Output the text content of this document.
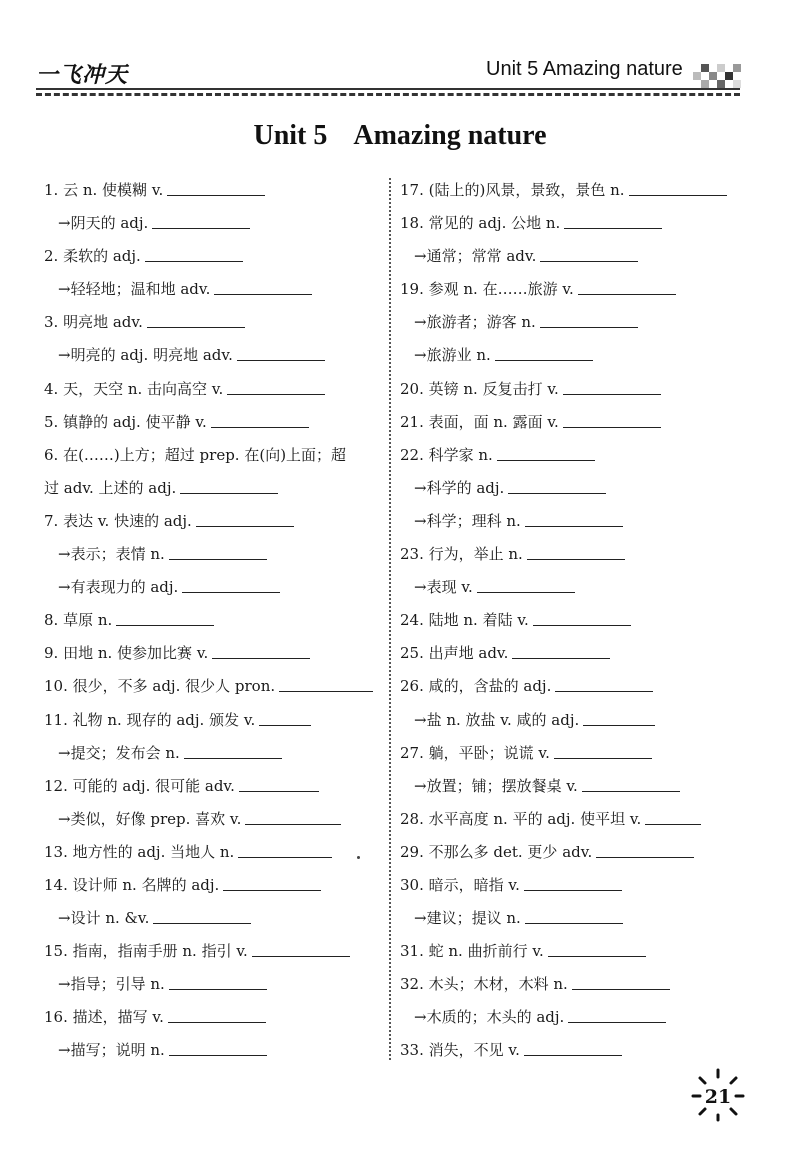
一飞冲天	Unit 5 Amazing nature
Unit 5 Amazing nature
1. 云 n. 使模糊 v.
→阴天的 adj.
2. 柔软的 adj.
→轻轻地；温和地 adv.
3. 明亮地 adv.
→明亮的 adj. 明亮地 adv.
4. 天，天空 n. 击向高空 v.
5. 镇静的 adj. 使平静 v.
6. 在(……)上方；超过 prep. 在(向)上面；超
过 adv. 上述的 adj.
7. 表达 v. 快速的 adj.
→表示；表情 n.
→有表现力的 adj.
8. 草原 n.
9. 田地 n. 使参加比赛 v.
10. 很少，不多 adj. 很少人 pron.
11. 礼物 n. 现存的 adj. 颁发 v.
→提交；发布会 n.
12. 可能的 adj. 很可能 adv.
→类似，好像 prep. 喜欢 v.
13. 地方性的 adj. 当地人 n.
14. 设计师 n. 名牌的 adj.
→设计 n. &v.
15. 指南，指南手册 n. 指引 v.
→指导；引导 n.
16. 描述，描写 v.
→描写；说明 n.
17. (陆上的)风景，景致，景色 n.
18. 常见的 adj. 公地 n.
→通常；常常 adv.
19. 参观 n. 在……旅游 v.
→旅游者；游客 n.
→旅游业 n.
20. 英镑 n. 反复击打 v.
21. 表面，面 n. 露面 v.
22. 科学家 n.
→科学的 adj.
→科学；理科 n.
23. 行为，举止 n.
→表现 v.
24. 陆地 n. 着陆 v.
25. 出声地 adv.
26. 咸的，含盐的 adj.
→盐 n. 放盐 v. 咸的 adj.
27. 躺，平卧；说谎 v.
→放置；铺；摆放餐桌 v.
28. 水平高度 n. 平的 adj. 使平坦 v.
29. 不那么多 det. 更少 adv.
30. 暗示，暗指 v.
→建议；提议 n.
31. 蛇 n. 曲折前行 v.
32. 木头；木材，木料 n.
→木质的；木头的 adj.
33. 消失，不见 v.
21
